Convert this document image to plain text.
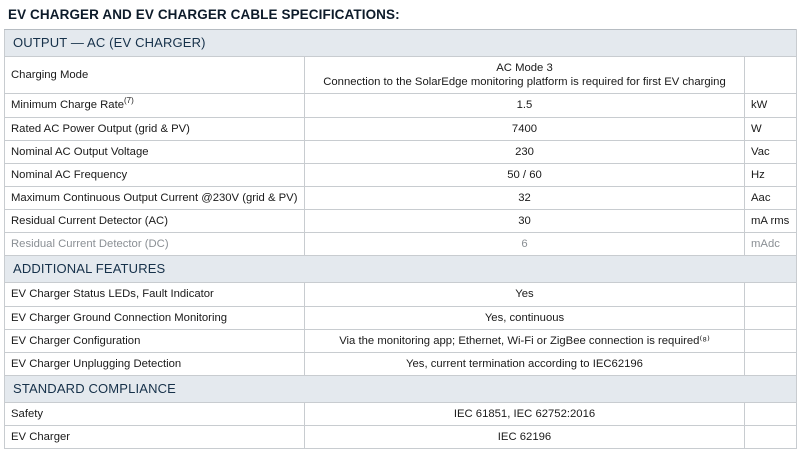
EV CHARGER AND EV CHARGER CABLE SPECIFICATIONS:
OUTPUT — AC (EV CHARGER)		
Charging Mode	AC Mode 3
Connection to the SolarEdge monitoring platform is required for first EV charging	

Minimum Charge Rate$^{(7)}$	1.5	kW
Rated AC Power Output (grid & PV)	7400	W
Nominal AC Output Voltage	230	Vac
Nominal AC Frequency	50 / 60	Hz
Maximum Continuous Output Current @230V (grid & PV)	32	Aac
Residual Current Detector (AC)	30	mA rms
Residual Current Detector (DC)	6	mAdc
ADDITIONAL FEATURES		
EV Charger Status LEDs, Fault Indicator	Yes	

EV Charger Ground Connection Monitoring	Yes, continuous	

EV Charger Configuration	Via the monitoring app; Ethernet, Wi-Fi or ZigBee connection is required⁽⁸⁾	

EV Charger Unplugging Detection	Yes, current termination according to IEC62196	

STANDARD COMPLIANCE		
Safety	IEC 61851, IEC 62752:2016	

EV Charger	IEC 62196	
